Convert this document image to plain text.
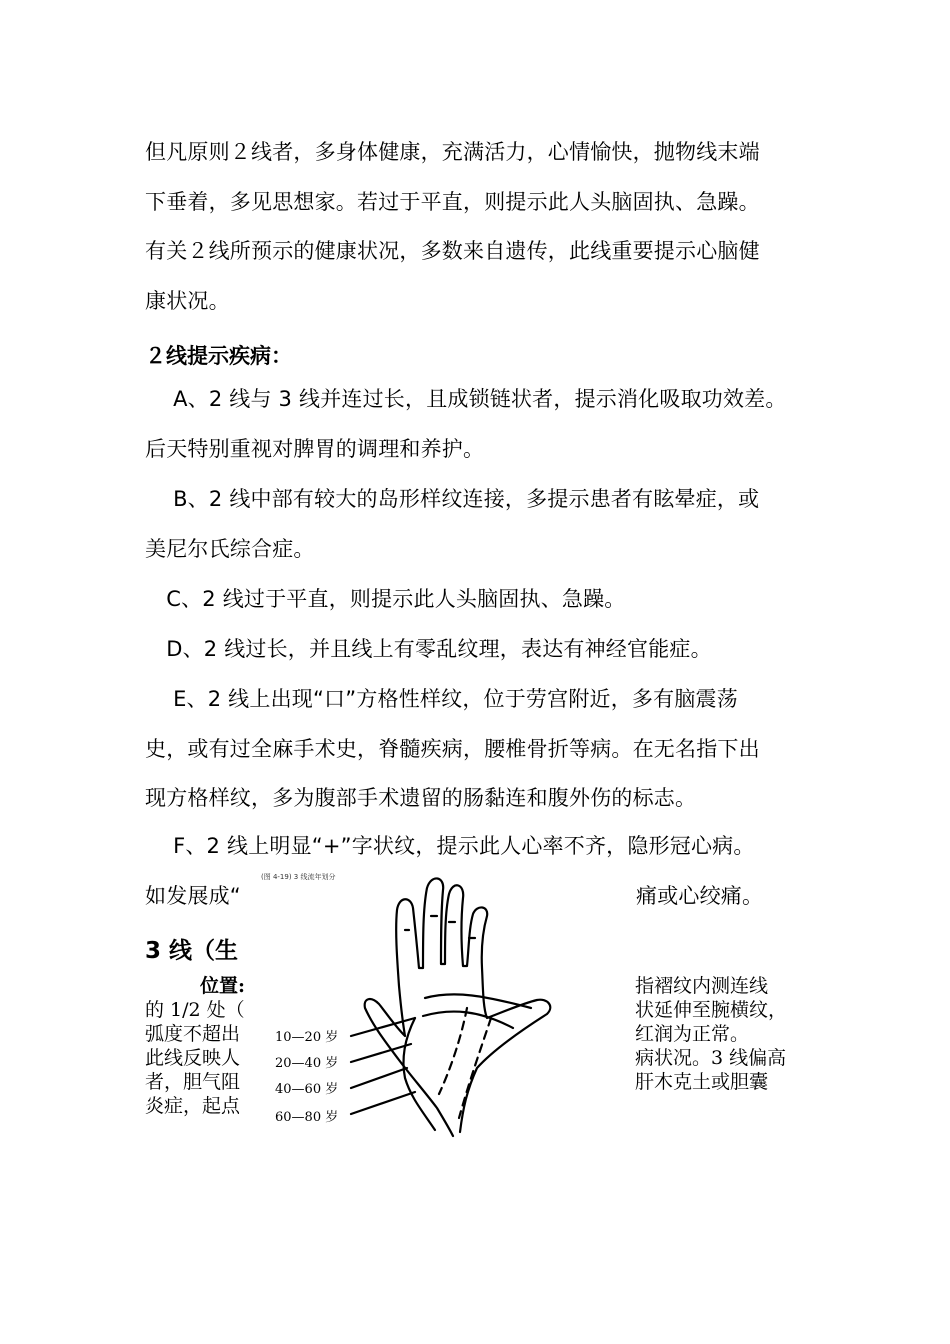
但凡原则２线者，多身体健康，充满活力，心情愉快，抛物线末端
下垂着，多见思想家。若过于平直，则提示此人头脑固执、急躁。
有关２线所预示的健康状况，多数来自遗传，此线重要提示心脑健
康状况。
２线提示疾病：
　 A、2 线与 3 线并连过长，且成锁链状者，提示消化吸取功效差。
后天特别重视对脾胃的调理和养护。
　 B、2 线中部有较大的岛形样纹连接，多提示患者有眩晕症，或
美尼尔氏综合症。
　C、2 线过于平直，则提示此人头脑固执、急躁。
　D、2 线过长，并且线上有零乱纹理，表达有神经官能症。
　 E、2 线上出现“口”方格性样纹，位于劳宫附近，多有脑震荡
史，或有过全麻手术史，脊髓疾病，腰椎骨折等病。在无名指下出
现方格样纹，多为腹部手术遗留的肠黏连和腹外伤的标志。
　 F、2 线上明显“+”字状纹，提示此人心率不齐，隐形冠心病。
如发展成“	痛或心绞痛。
3 线（生
位置:
的 1/2 处（
弧度不超出
此线反映人
者，胆气阻
炎症，起点
指褶纹内测连线
状延伸至腕横纹，
红润为正常。
病状况。3 线偏高
肝木克土或胆囊
(图 4-19) 3 线流年划分
10—20 岁
20—40 岁
40—60 岁
60—80 岁
